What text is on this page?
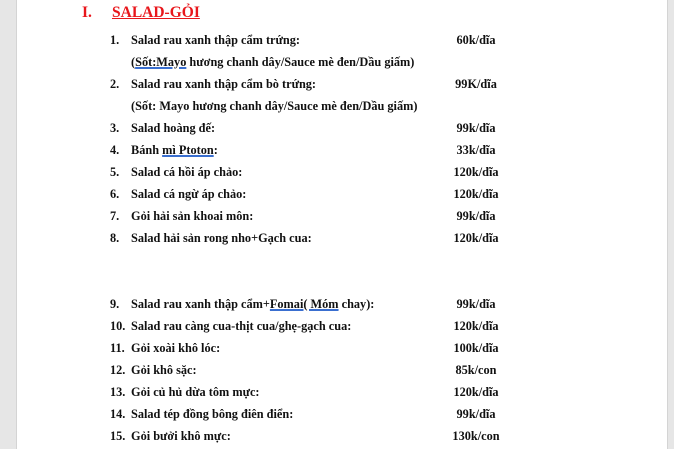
I. SALAD-GỎI
1. Salad rau xanh thập cẩm trứng:	60k/dĩa
(Sốt:Mayo hương chanh dây/Sauce mè đen/Dầu giấm)
2. Salad rau xanh thập cẩm bò trứng:	99K/dĩa
(Sốt: Mayo hương chanh dây/Sauce mè đen/Dầu giấm)
3. Salad hoàng đế:	99k/dĩa
4. Bánh mì Ptoton:	33k/dĩa
5. Salad cá hồi áp chảo:	120k/dĩa
6. Salad cá ngừ áp chảo:	120k/dĩa
7. Gỏi hải sản khoai môn:	99k/dĩa
8. Salad hải sản rong nho+Gạch cua:	120k/dĩa
9. Salad rau xanh thập cẩm+Fomai( Móm chay):	99k/dĩa
10. Salad rau càng cua-thịt cua/ghẹ-gạch cua:	120k/dĩa
11. Gỏi xoài khô lóc:	100k/dĩa
12. Gỏi khô sặc:	85k/con
13. Gỏi củ hủ dừa tôm mực:	120k/dĩa
14. Salad tép đồng bông điên điển:	99k/dĩa
15. Gỏi bưởi khô mực:	130k/con
